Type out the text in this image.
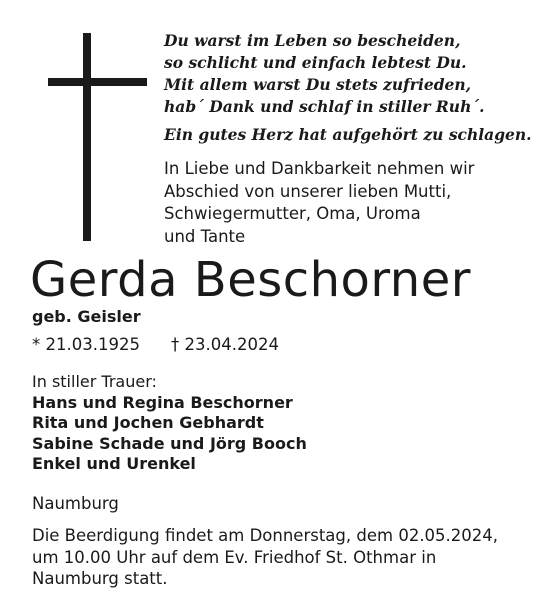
Du warst im Leben so bescheiden,
so schlicht und einfach lebtest Du.
Mit allem warst Du stets zufrieden,
hab´ Dank und schlaf in stiller Ruh´.
Ein gutes Herz hat aufgehört zu schlagen.
In Liebe und Dankbarkeit nehmen wir
Abschied von unserer lieben Mutti,
Schwiegermutter, Oma, Uroma
und Tante
Gerda Beschorner
geb. Geisler
* 21.03.1925 † 23.04.2024
In stiller Trauer:
Hans und Regina Beschorner
Rita und Jochen Gebhardt
Sabine Schade und Jörg Booch
Enkel und Urenkel
Naumburg
Die Beerdigung findet am Donnerstag, dem 02.05.2024,
um 10.00 Uhr auf dem Ev. Friedhof St. Othmar in
Naumburg statt.
